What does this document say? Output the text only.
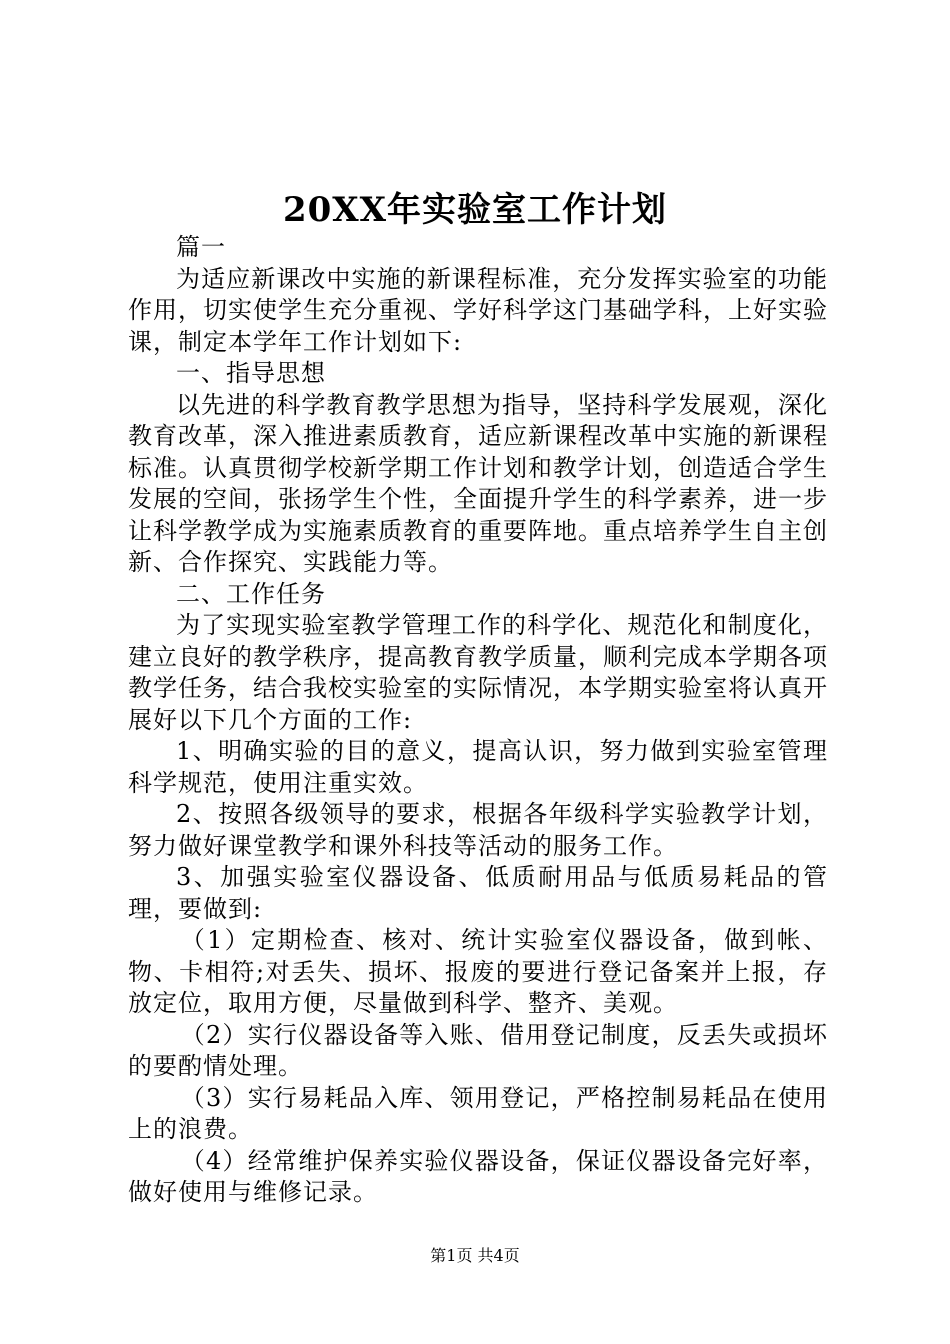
20XX年实验室工作计划

篇一

为适应新课改中实施的新课程标准，充分发挥实验室的功能作用，切实使学生充分重视、学好科学这门基础学科，上好实验课，制定本学年工作计划如下:

一、指导思想

以先进的科学教育教学思想为指导，坚持科学发展观，深化教育改革，深入推进素质教育，适应新课程改革中实施的新课程标准。认真贯彻学校新学期工作计划和教学计划，创造适合学生发展的空间，张扬学生个性，全面提升学生的科学素养，进一步让科学教学成为实施素质教育的重要阵地。重点培养学生自主创新、合作探究、实践能力等。

二、工作任务

为了实现实验室教学管理工作的科学化、规范化和制度化，建立良好的教学秩序，提高教育教学质量，顺利完成本学期各项教学任务，结合我校实验室的实际情况，本学期实验室将认真开展好以下几个方面的工作:

1、明确实验的目的意义，提高认识，努力做到实验室管理科学规范，使用注重实效。

2、按照各级领导的要求，根据各年级科学实验教学计划，努力做好课堂教学和课外科技等活动的服务工作。

3、加强实验室仪器设备、低质耐用品与低质易耗品的管理，要做到:

（1）定期检查、核对、统计实验室仪器设备，做到帐、物、卡相符;对丢失、损坏、报废的要进行登记备案并上报，存放定位，取用方便，尽量做到科学、整齐、美观。

（2）实行仪器设备等入账、借用登记制度，反丢失或损坏的要酌情处理。

（3）实行易耗品入库、领用登记，严格控制易耗品在使用上的浪费。

（4）经常维护保养实验仪器设备，保证仪器设备完好率，做好使用与维修记录。

第1页 共4页
